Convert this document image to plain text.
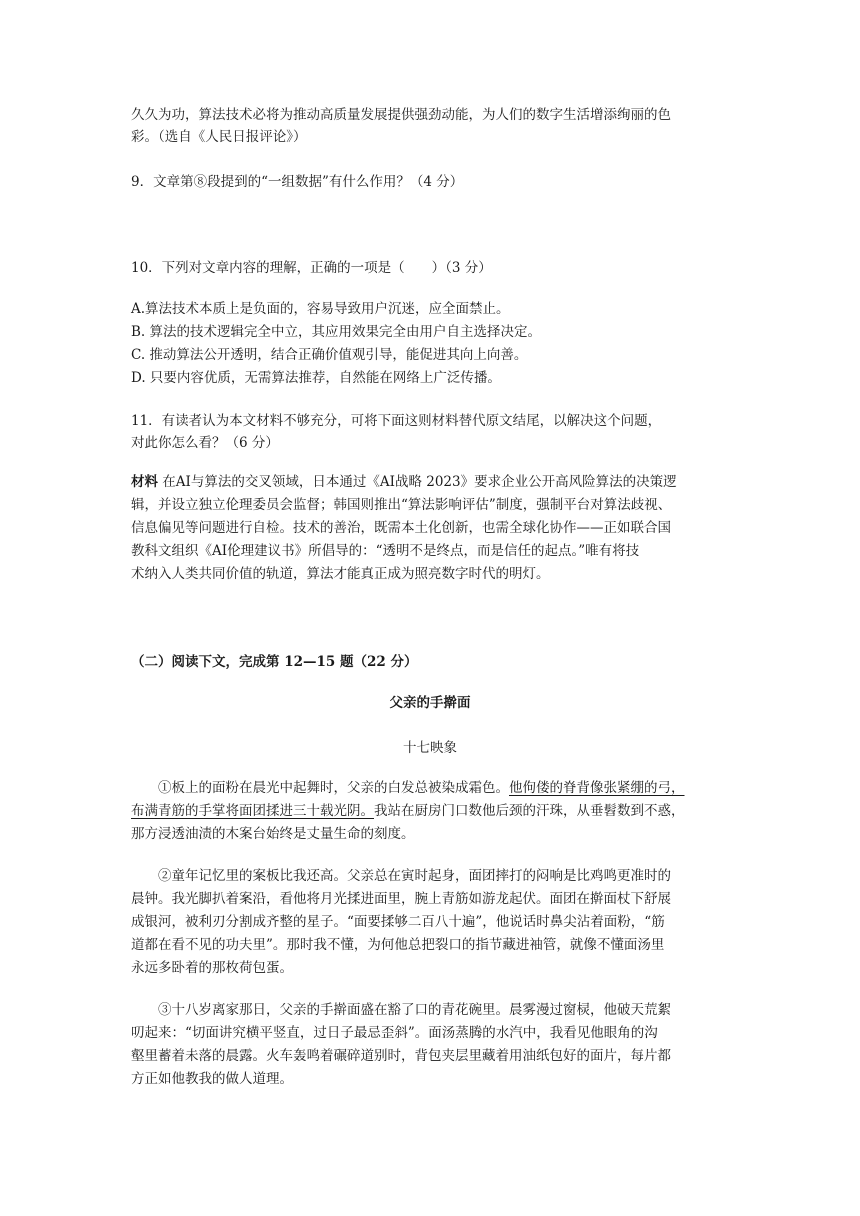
久久为功，算法技术必将为推动高质量发展提供强劲动能，为人们的数字生活增添绚丽的色
彩。（选自《人民日报评论》）
9．文章第⑧段提到的“一组数据”有什么作用？（4 分）
10．下列对文章内容的理解，正确的一项是（　　）（3 分）
A.算法技术本质上是负面的，容易导致用户沉迷，应全面禁止。
B. 算法的技术逻辑完全中立，其应用效果完全由用户自主选择决定。
C. 推动算法公开透明，结合正确价值观引导，能促进其向上向善。
D. 只要内容优质，无需算法推荐，自然能在网络上广泛传播。
11．有读者认为本文材料不够充分，可将下面这则材料替代原文结尾，以解决这个问题，
对此你怎么看？（6 分）
材料 在AI与算法的交叉领域，日本通过《AI战略 2023》要求企业公开高风险算法的决策逻
辑，并设立独立伦理委员会监督；韩国则推出“算法影响评估”制度，强制平台对算法歧视、
信息偏见等问题进行自检。技术的善治，既需本土化创新，也需全球化协作——正如联合国
教科文组织《AI伦理建议书》所倡导的：“透明不是终点，而是信任的起点。”唯有将技
术纳入人类共同价值的轨道，算法才能真正成为照亮数字时代的明灯。
（二）阅读下文，完成第 12—15 题（22 分）
父亲的手擀面
十七映象
①板上的面粉在晨光中起舞时，父亲的白发总被染成霜色。他佝偻的脊背像张紧绷的弓，
布满青筋的手掌将面团揉进三十载光阴。我站在厨房门口数他后颈的汗珠，从垂髫数到不惑，
那方浸透油渍的木案台始终是丈量生命的刻度。
②童年记忆里的案板比我还高。父亲总在寅时起身，面团摔打的闷响是比鸡鸣更准时的
晨钟。我光脚扒着案沿，看他将月光揉进面里，腕上青筋如游龙起伏。面团在擀面杖下舒展
成银河，被利刃分割成齐整的星子。“面要揉够二百八十遍”，他说话时鼻尖沾着面粉，“筋
道都在看不见的功夫里”。那时我不懂，为何他总把裂口的指节藏进袖管，就像不懂面汤里
永远多卧着的那枚荷包蛋。
③十八岁离家那日，父亲的手擀面盛在豁了口的青花碗里。晨雾漫过窗棂，他破天荒絮
叨起来：“切面讲究横平竖直，过日子最忌歪斜”。面汤蒸腾的水汽中，我看见他眼角的沟
壑里蓄着未落的晨露。火车轰鸣着碾碎道别时，背包夹层里藏着用油纸包好的面片，每片都
方正如他教我的做人道理。
